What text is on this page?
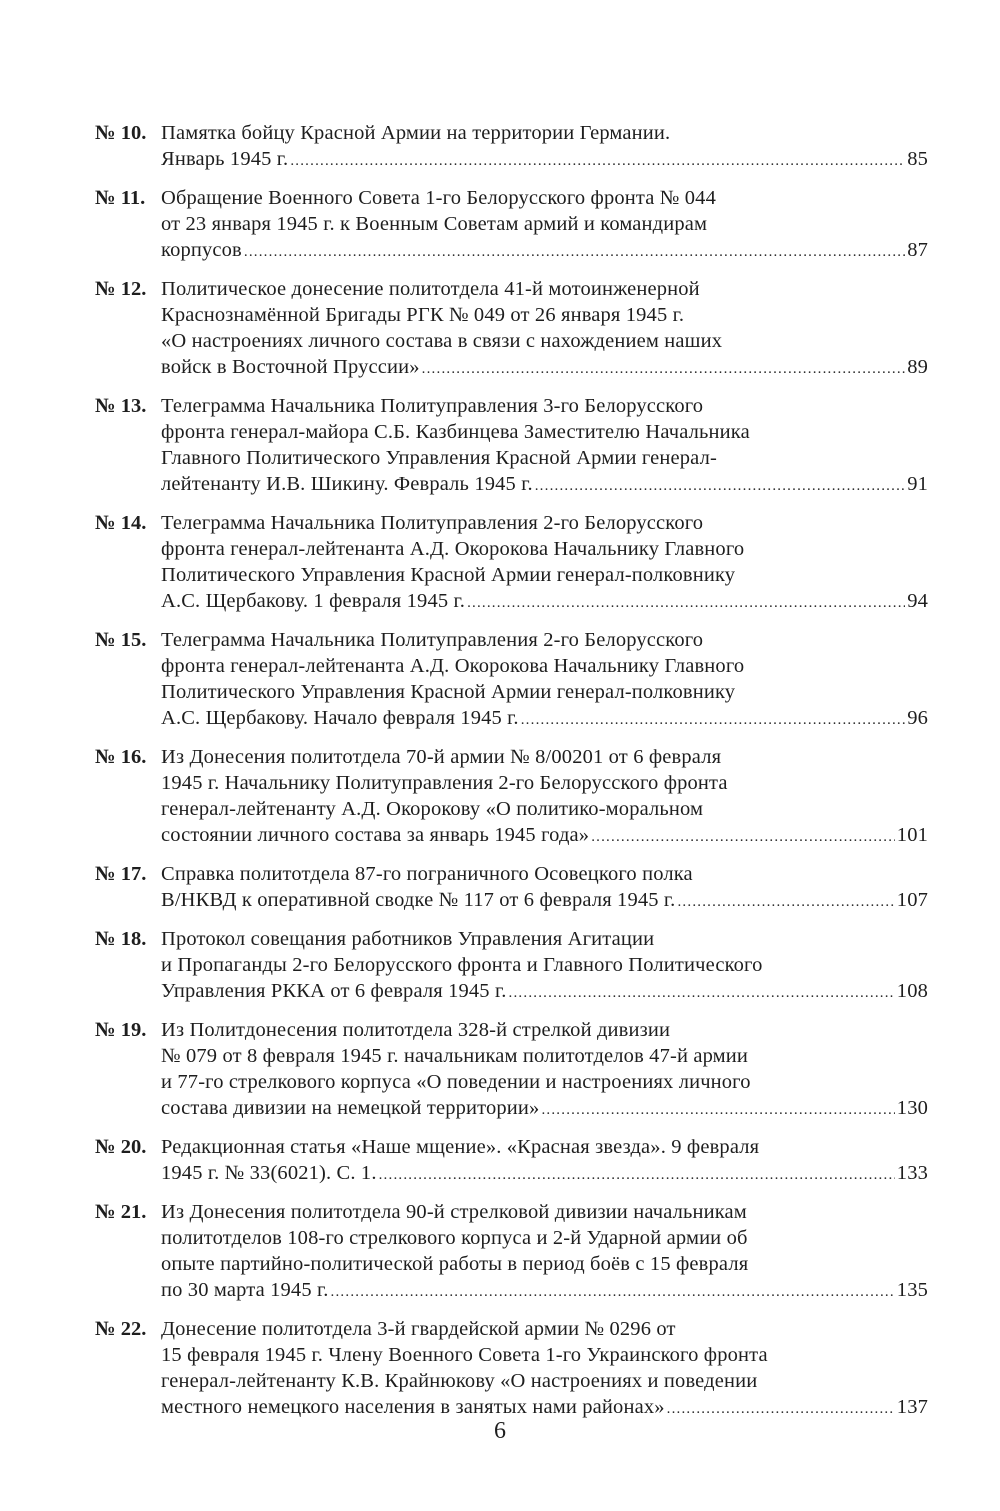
№ 10. Памятка бойцу Красной Армии на территории Германии.
Январь 1945 г. .....	85
№ 11. Обращение Военного Совета 1-го Белорусского фронта № 044
от 23 января 1945 г. к Военным Советам армий и командирам
корпусов .....	87
№ 12. Политическое донесение политотдела 41-й мотоинженерной
Краснознамённой Бригады РГК № 049 от 26 января 1945 г.
«О настроениях личного состава в связи с нахождением наших
войск в Восточной Пруссии» .....	89
№ 13. Телеграмма Начальника Политуправления 3-го Белорусского
фронта генерал-майора С.Б. Казбинцева Заместителю Начальника
Главного Политического Управления Красной Армии генерал-
лейтенанту И.В. Шикину. Февраль 1945 г. .....	91
№ 14. Телеграмма Начальника Политуправления 2-го Белорусского
фронта генерал-лейтенанта А.Д. Окорокова Начальнику Главного
Политического Управления Красной Армии генерал-полковнику
А.С. Щербакову. 1 февраля 1945 г. .....	94
№ 15. Телеграмма Начальника Политуправления 2-го Белорусского
фронта генерал-лейтенанта А.Д. Окорокова Начальнику Главного
Политического Управления Красной Армии генерал-полковнику
А.С. Щербакову. Начало февраля 1945 г. .....	96
№ 16. Из Донесения политотдела 70-й армии № 8/00201 от 6 февраля
1945 г. Начальнику Политуправления 2-го Белорусского фронта
генерал-лейтенанту А.Д. Окорокову «О политико-моральном
состоянии личного состава за январь 1945 года» .....	101
№ 17. Справка политотдела 87-го пограничного Осовецкого полка
В/НКВД к оперативной сводке № 117 от 6 февраля 1945 г. .....	107
№ 18. Протокол совещания работников Управления Агитации
и Пропаганды 2-го Белорусского фронта и Главного Политического
Управления РККА от 6 февраля 1945 г. .....	108
№ 19. Из Политдонесения политотдела 328-й стрелкой дивизии
№ 079 от 8 февраля 1945 г. начальникам политотделов 47-й армии
и 77-го стрелкового корпуса «О поведении и настроениях личного
состава дивизии на немецкой территории» .....	130
№ 20. Редакционная статья «Наше мщение». «Красная звезда». 9 февраля
1945 г. № 33(6021). С. 1. .....	133
№ 21. Из Донесения политотдела 90-й стрелковой дивизии начальникам
политотделов 108-го стрелкового корпуса и 2-й Ударной армии об
опыте партийно-политической работы в период боёв с 15 февраля
по 30 марта 1945 г. .....	135
№ 22. Донесение политотдела 3-й гвардейской армии № 0296 от
15 февраля 1945 г. Члену Военного Совета 1-го Украинского фронта
генерал-лейтенанту К.В. Крайнюкову «О настроениях и поведении
местного немецкого населения в занятых нами районах» .....	137
6
